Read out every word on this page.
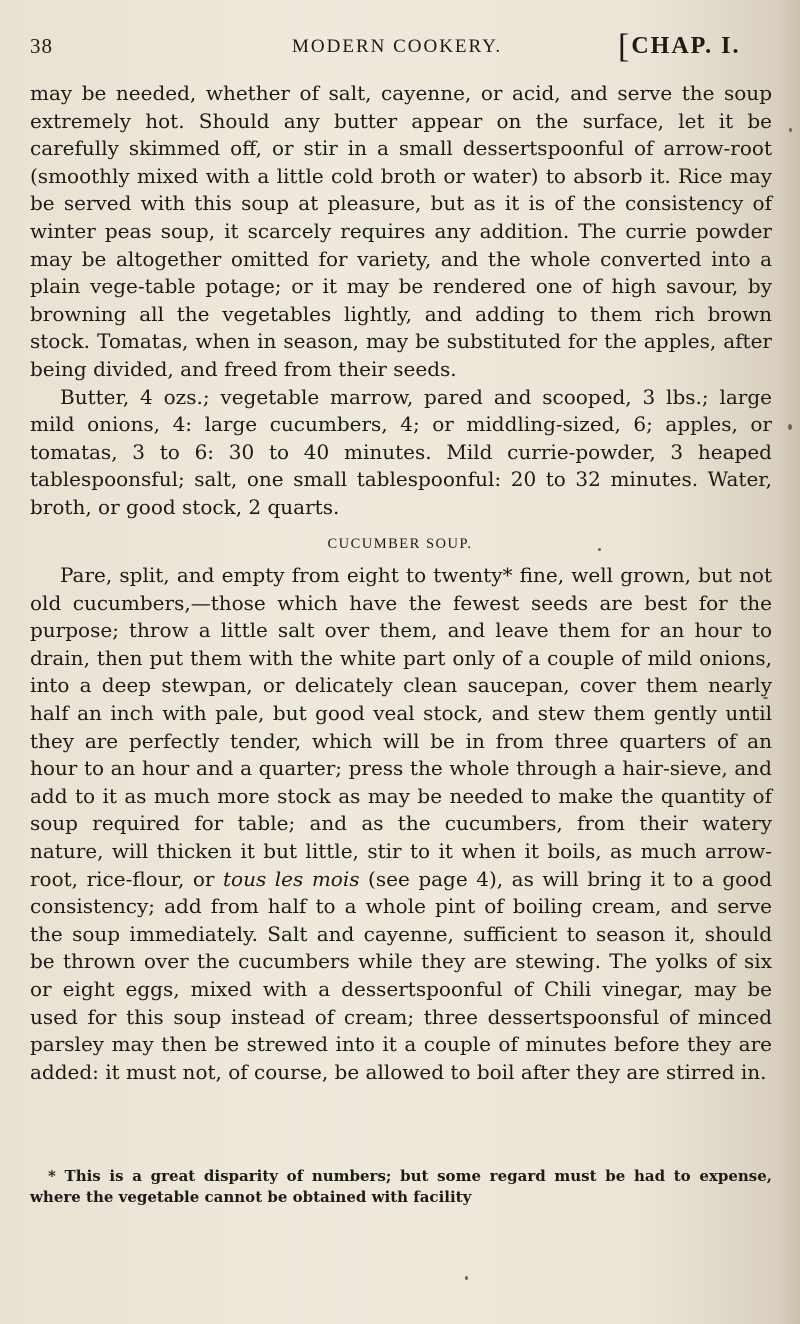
38	MODERN COOKERY.	[CHAP. I.

may be needed, whether of salt, cayenne, or acid, and serve the soup extremely hot. Should any butter appear on the surface, let it be carefully skimmed off, or stir in a small dessertspoonful of arrow-root (smoothly mixed with a little cold broth or water) to absorb it. Rice may be served with this soup at pleasure, but as it is of the consistency of winter peas soup, it scarcely requires any addition. The currie powder may be altogether omitted for variety, and the whole converted into a plain vege-table potage; or it may be rendered one of high savour, by browning all the vegetables lightly, and adding to them rich brown stock. Tomatas, when in season, may be substituted for the apples, after being divided, and freed from their seeds.

Butter, 4 ozs.; vegetable marrow, pared and scooped, 3 lbs.; large mild onions, 4: large cucumbers, 4; or middling-sized, 6; apples, or tomatas, 3 to 6: 30 to 40 minutes. Mild currie-powder, 3 heaped tablespoonsful; salt, one small tablespoonful: 20 to 32 minutes. Water, broth, or good stock, 2 quarts.

CUCUMBER SOUP.

Pare, split, and empty from eight to twenty* fine, well grown, but not old cucumbers,—those which have the fewest seeds are best for the purpose; throw a little salt over them, and leave them for an hour to drain, then put them with the white part only of a couple of mild onions, into a deep stewpan, or delicately clean saucepan, cover them nearly half an inch with pale, but good veal stock, and stew them gently until they are perfectly tender, which will be in from three quarters of an hour to an hour and a quarter; press the whole through a hair-sieve, and add to it as much more stock as may be needed to make the quantity of soup required for table; and as the cucumbers, from their watery nature, will thicken it but little, stir to it when it boils, as much arrow-root, rice-flour, or tous les mois (see page 4), as will bring it to a good consistency; add from half to a whole pint of boiling cream, and serve the soup immediately. Salt and cayenne, sufficient to season it, should be thrown over the cucumbers while they are stewing. The yolks of six or eight eggs, mixed with a dessertspoonful of Chili vinegar, may be used for this soup instead of cream; three dessertspoonsful of minced parsley may then be strewed into it a couple of minutes before they are added: it must not, of course, be allowed to boil after they are stirred in.

* This is a great disparity of numbers; but some regard must be had to expense, where the vegetable cannot be obtained with facility
